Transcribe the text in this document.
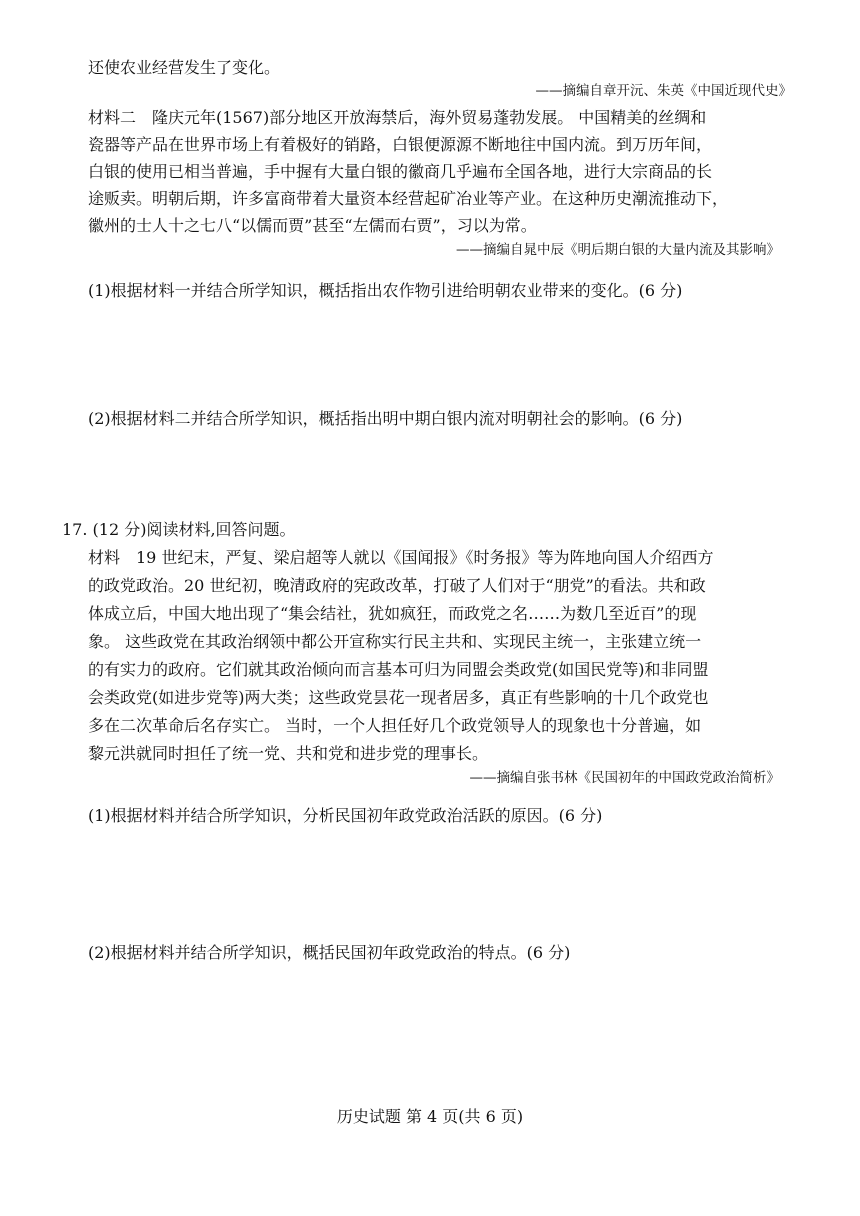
还使农业经营发生了变化。
——摘编自章开沅、朱英《中国近现代史》
材料二　隆庆元年(1567)部分地区开放海禁后，海外贸易蓬勃发展。 中国精美的丝绸和
瓷器等产品在世界市场上有着极好的销路，白银便源源不断地往中国内流。到万历年间，
白银的使用已相当普遍，手中握有大量白银的徽商几乎遍布全国各地，进行大宗商品的长
途贩卖。明朝后期，许多富商带着大量资本经营起矿冶业等产业。在这种历史潮流推动下，
徽州的士人十之七八“以儒而贾”甚至“左儒而右贾”，习以为常。
——摘编自晁中辰《明后期白银的大量内流及其影响》
(1)根据材料一并结合所学知识，概括指出农作物引进给明朝农业带来的变化。(6 分)
(2)根据材料二并结合所学知识，概括指出明中期白银内流对明朝社会的影响。(6 分)
17. (12 分)阅读材料,回答问题。
材料　19 世纪末，严复、梁启超等人就以《国闻报》《时务报》等为阵地向国人介绍西方
的政党政治。20 世纪初，晚清政府的宪政改革，打破了人们对于“朋党”的看法。共和政
体成立后，中国大地出现了“集会结社，犹如疯狂，而政党之名……为数几至近百”的现
象。 这些政党在其政治纲领中都公开宣称实行民主共和、实现民主统一，主张建立统一
的有实力的政府。它们就其政治倾向而言基本可归为同盟会类政党(如国民党等)和非同盟
会类政党(如进步党等)两大类；这些政党昙花一现者居多，真正有些影响的十几个政党也
多在二次革命后名存实亡。 当时，一个人担任好几个政党领导人的现象也十分普遍，如
黎元洪就同时担任了统一党、共和党和进步党的理事长。
——摘编自张书林《民国初年的中国政党政治简析》
(1)根据材料并结合所学知识，分析民国初年政党政治活跃的原因。(6 分)
(2)根据材料并结合所学知识，概括民国初年政党政治的特点。(6 分)
历史试题 第 4 页(共 6 页)
